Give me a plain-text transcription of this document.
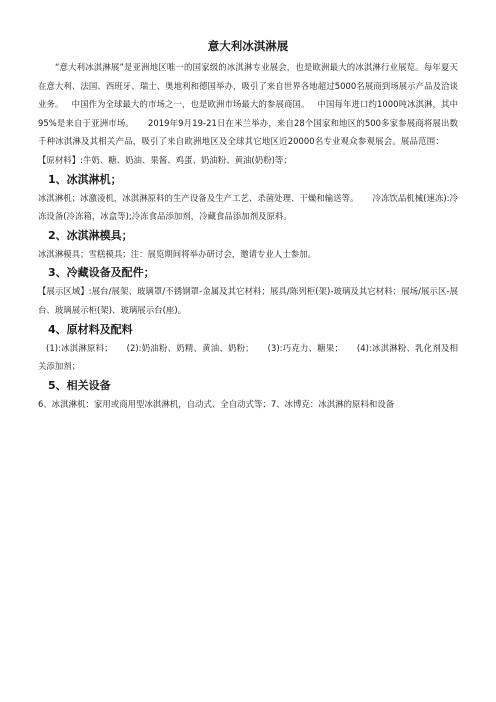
意大利冰淇淋展

“意大利冰淇淋展”是亚洲地区唯一的国家级的冰淇淋专业展会，也是欧洲最大的冰淇淋行业展览。每年夏天在意大利、法国、西班牙、瑞士、奥地利和德国举办，吸引了来自世界各地超过5000名展商到场展示产品及洽谈业务。 中国作为全球最大的市场之一，也是欧洲市场最大的参展商国。 中国每年进口约1000吨冰淇淋，其中95%是来自于亚洲市场。 2019年9月19-21日在米兰举办，来自28个国家和地区的500多家参展商将展出数千种冰淇淋及其相关产品，吸引了来自欧洲地区及全球其它地区近20000名专业观众参观展会。展品范围：【原材料】:牛奶、糖、奶油、果酱、鸡蛋、奶油粉、黄油(奶粉)等；

1、冰淇淋机；

冰淇淋机；冰激凌机，冰淇淋原料的生产设备及生产工艺、杀菌处理、干燥和输送等。 冷冻饮品机械(速冻):冷冻设备(冷冻箱，冰盒等);冷冻食品添加剂，冷藏食品添加剂及原料。

2、冰淇淋模具；

冰淇淋模具；雪糕模具；注：展览期间将举办研讨会，邀请专业人士参加。

3、冷藏设备及配件；

【展示区域】:展台/展架、玻璃罩/不锈钢罩-金属及其它材料；展具/陈列柜(架)-玻璃及其它材料；展场/展示区-展台、玻璃展示柜(架)、玻璃展示台(座)。

4、原材料及配料

(1):冰淇淋原料； (2):奶油粉、奶精、黄油、奶粉； (3):巧克力、糖果； (4):冰淇淋粉、乳化剂及相关添加剂；

5、相关设备

6、冰淇淋机：家用或商用型冰淇淋机，自动式、全自动式等；7、冰博克：冰淇淋的原料和设备
